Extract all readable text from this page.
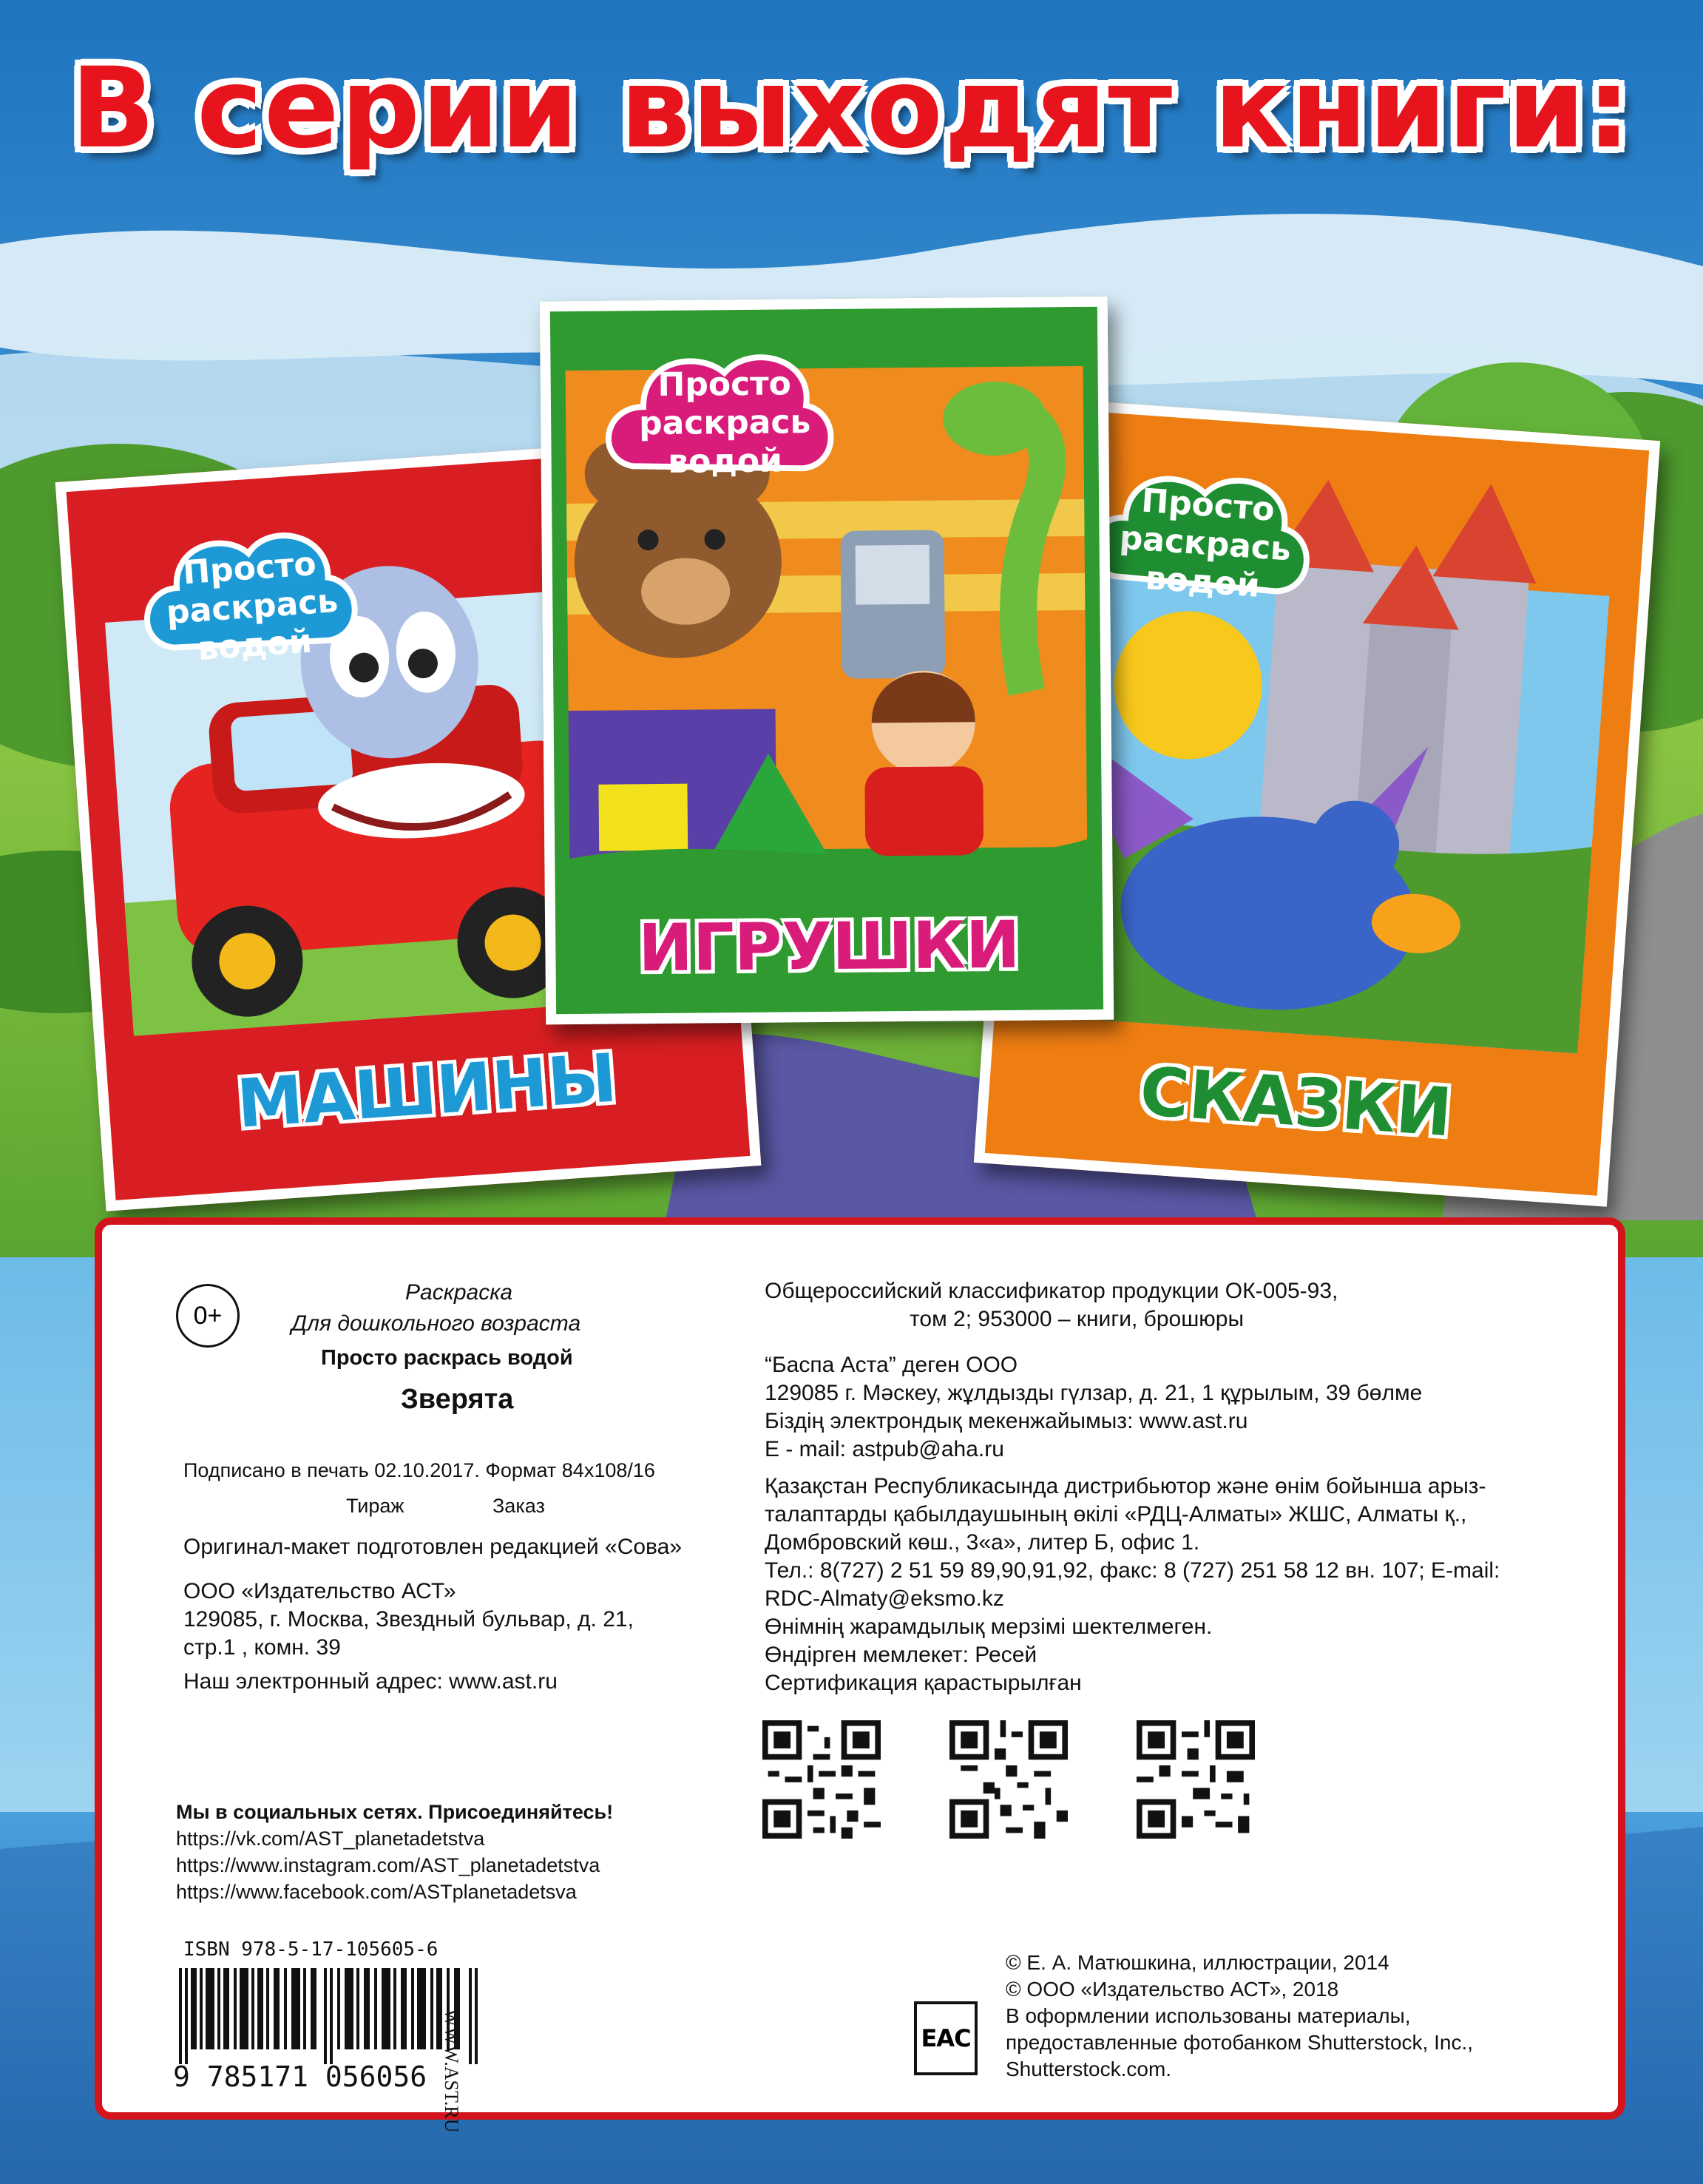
В серии выходят книги:
Просто
раскрась
водой
МАШИНЫ
Просто
раскрась
водой
СКАЗКИ
Просто
раскрась
водой
ИГРУШКИ
0+
Раскраска
Для дошкольного возраста
Просто раскрась водой
Зверята
Подписано в печать 02.10.2017. Формат 84x108/16
Тираж	Заказ
Оригинал-макет подготовлен редакцией «Сова»
ООО «Издательство АСТ»
129085, г. Москва, Звездный бульвар, д. 21,
стр.1 , комн. 39
Наш электронный адрес: www.ast.ru
Мы в социальных сетях. Присоединяйтесь!
https://vk.com/AST_planetadetstva
https://www.instagram.com/AST_planetadetstva
https://www.facebook.com/ASTplanetadetsva
ISBN 978-5-17-105605-6
9 785171 056056 WWW.AST.RU
Общероссийский классификатор продукции ОК-005-93,
том 2; 953000 – книги, брошюры
“Баспа Аста” деген ООО
129085 г. Мәскеу, жұлдызды гүлзар, д. 21, 1 құрылым, 39 бөлме
Біздің электрондық мекенжайымыз: www.ast.ru
E - mail: astpub@aha.ru
Қазақстан Республикасында дистрибьютор және өнім бойынша арыз-
талаптарды қабылдаушының өкілі «РДЦ-Алматы» ЖШС, Алматы қ.,
Домбровский көш., 3«а», литер Б, офис 1.
Тел.: 8(727) 2 51 59 89,90,91,92, факс: 8 (727) 251 58 12 вн. 107; E-mail:
RDC-Almaty@eksmo.kz
Өнімнің жарамдылық мерзімі шектелмеген.
Өндірген мемлекет: Ресей
Сертификация қарастырылған
EAC
© Е. А. Матюшкина, иллюстрации, 2014
© ООО «Издательство АСТ», 2018
В оформлении использованы материалы,
предоставленные фотобанком Shutterstock, Inc.,
Shutterstock.com.
